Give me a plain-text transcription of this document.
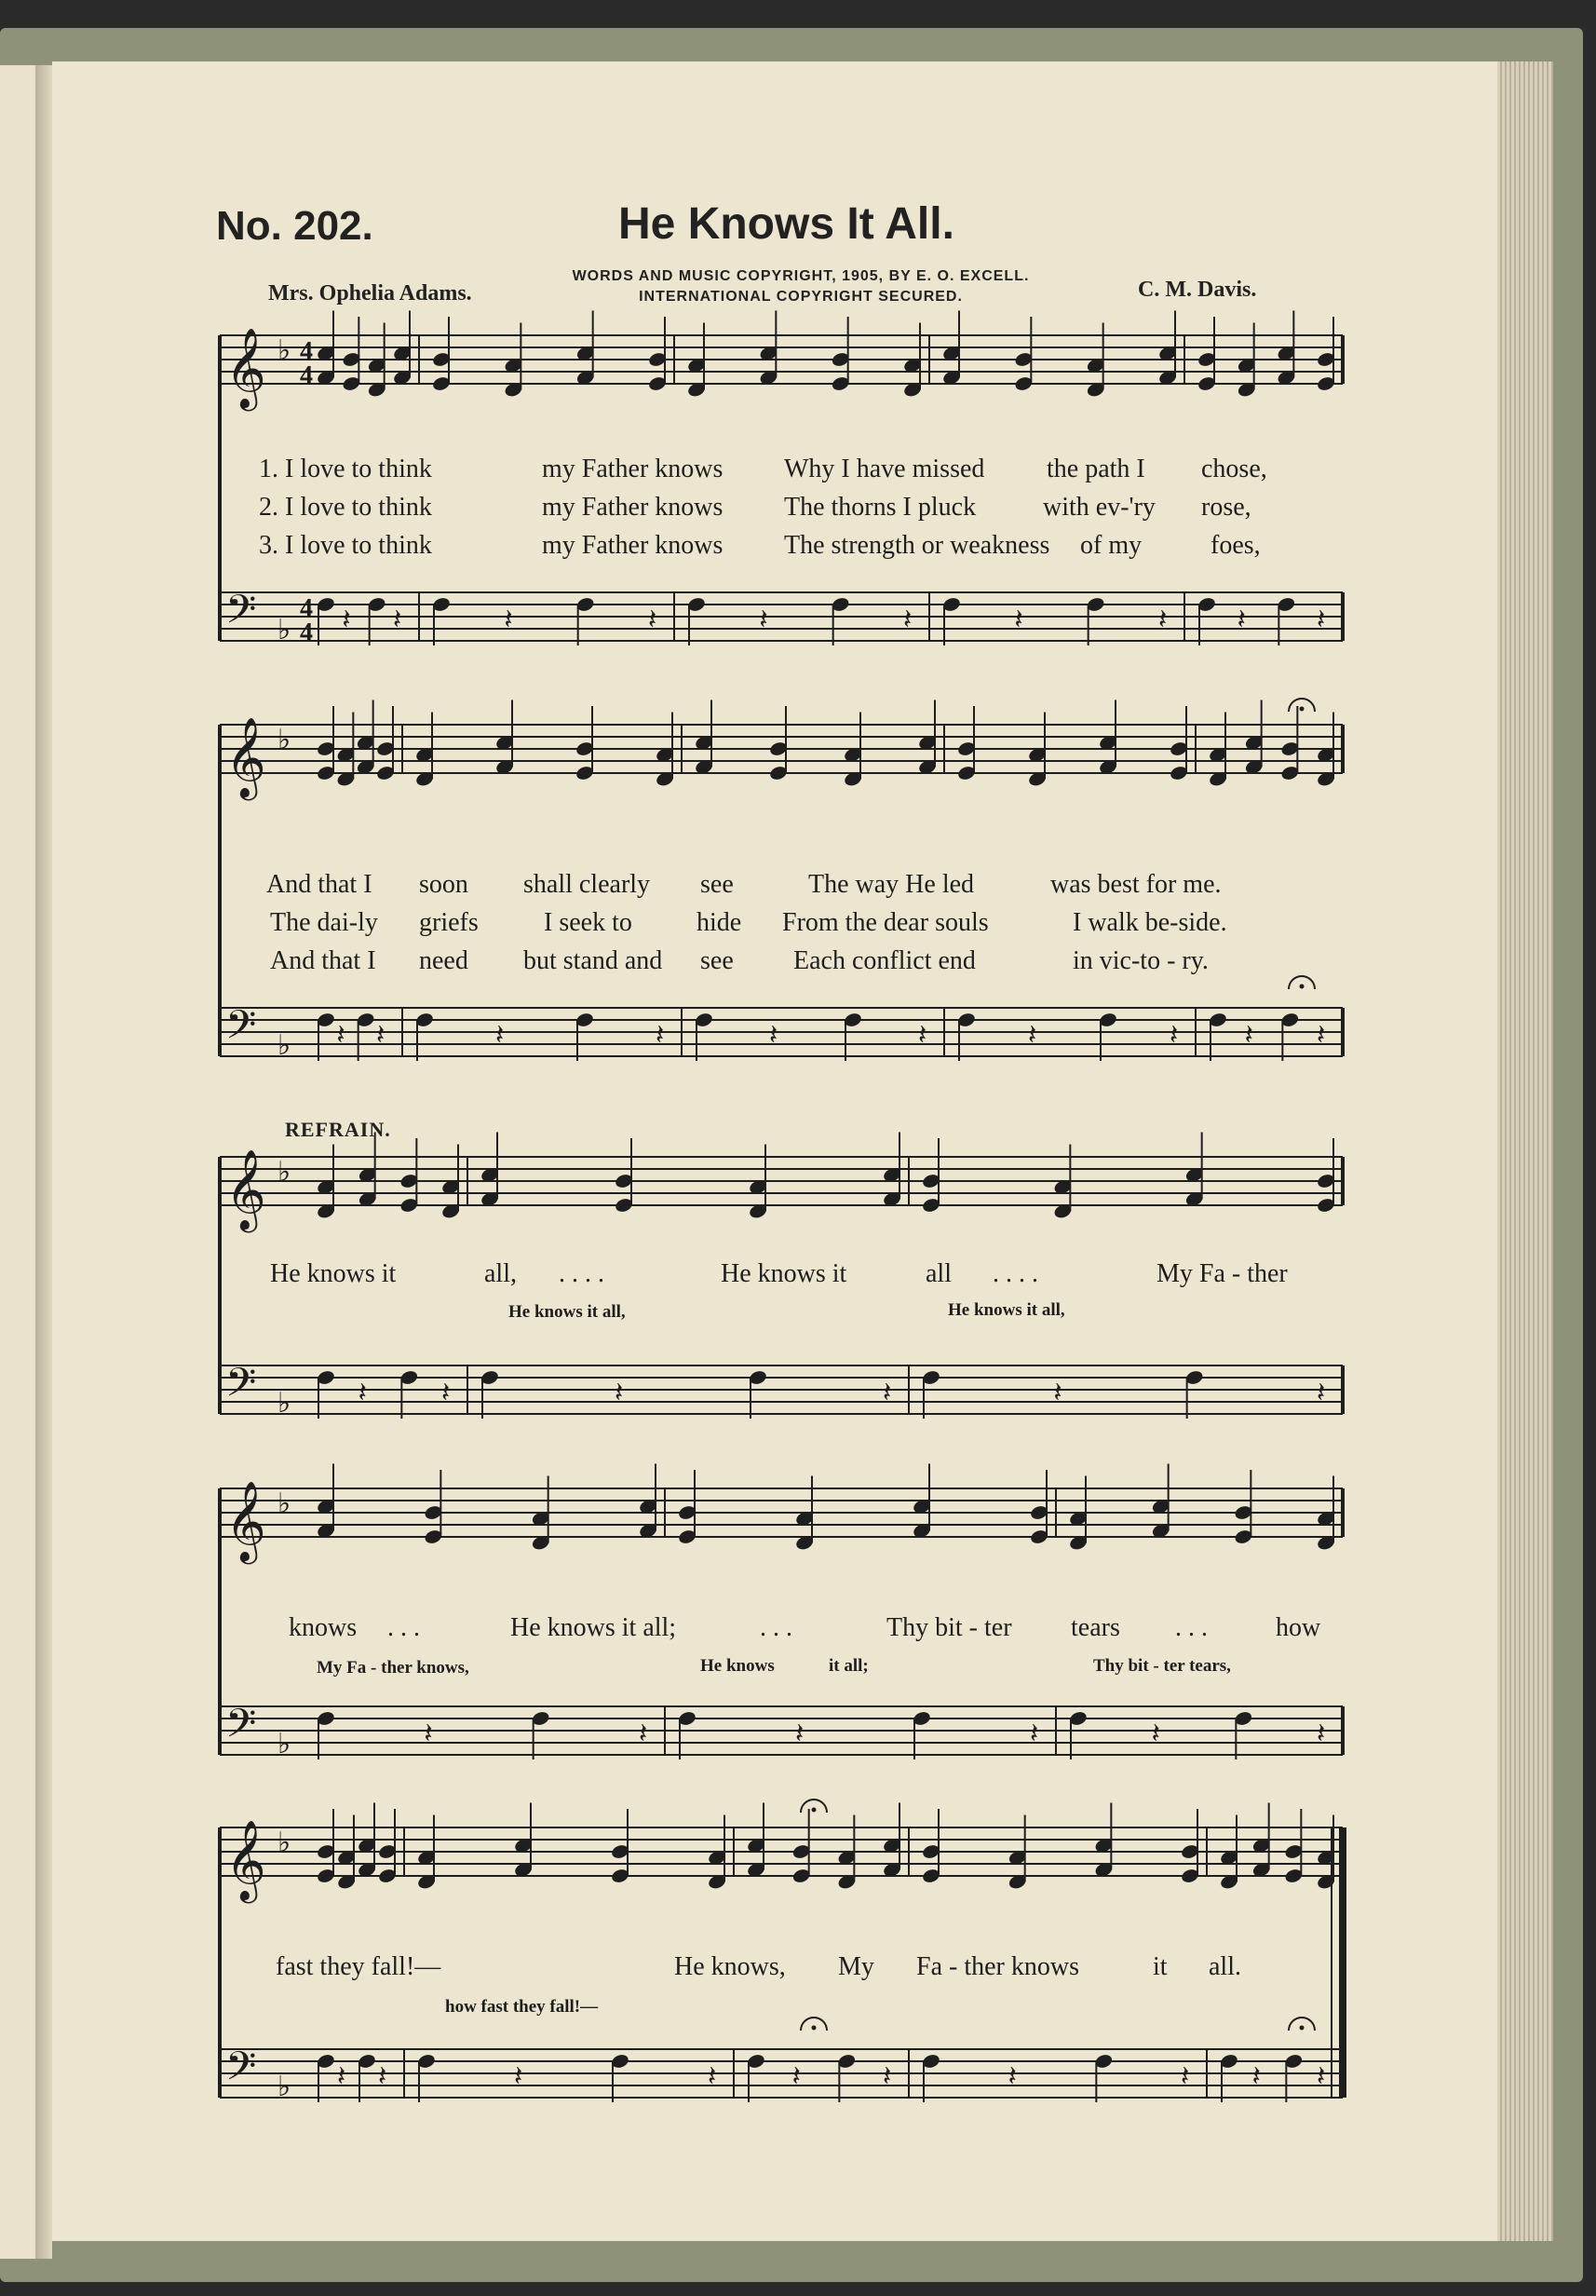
No. 202.	He Knows It All.
Mrs. Ophelia Adams.	C. M. Davis.
WORDS AND MUSIC COPYRIGHT, 1905, BY E. O. EXCELL.
INTERNATIONAL COPYRIGHT SECURED.
𝄞
𝄢
♭
♭ 𝄽 𝄽	𝄽	𝄽	𝄽	𝄽	𝄽	𝄽	𝄽	𝄽
𝄞
𝄢
♭
♭ 𝄽 𝄽	𝄽	𝄽	𝄽	𝄽	𝄽	𝄽 𝄽 𝄽
𝄞
𝄢
♭
♭ 𝄽	𝄽	𝄽	𝄽	𝄽	𝄽
𝄞
𝄢
♭
♭	𝄽	𝄽	𝄽	𝄽	𝄽	𝄽
𝄞
𝄢
♭
♭ 𝄽 𝄽	𝄽	𝄽	𝄽	𝄽	𝄽	𝄽 𝄽 𝄽
4
4
4
4
1. I love to think	my Father knows Why I have missed the path I chose,
2. I love to think	my Father knows The thorns I pluck	with ev-'ry rose,
3. I love to think	my Father knows The strength or weakness of my	foes,
And that I soon shall clearly see	The way He led	was best for me.
The dai-ly griefs	I seek to hide From the dear souls	I walk be-side.
And that I need but stand and see Each conflict end	in vic-to - ry.
REFRAIN.
He knows it	all, . . . .	He knows it	all . . . .	My Fa - ther
He knows it all,	He knows it all,
knows . . .	He knows it all;	. . .	Thy bit - ter tears . . .	how
My Fa - ther knows,	He knows	it all;	Thy bit - ter tears,
fast they fall!—	He knows, My Fa - ther knows	it all.
how fast they fall!—
